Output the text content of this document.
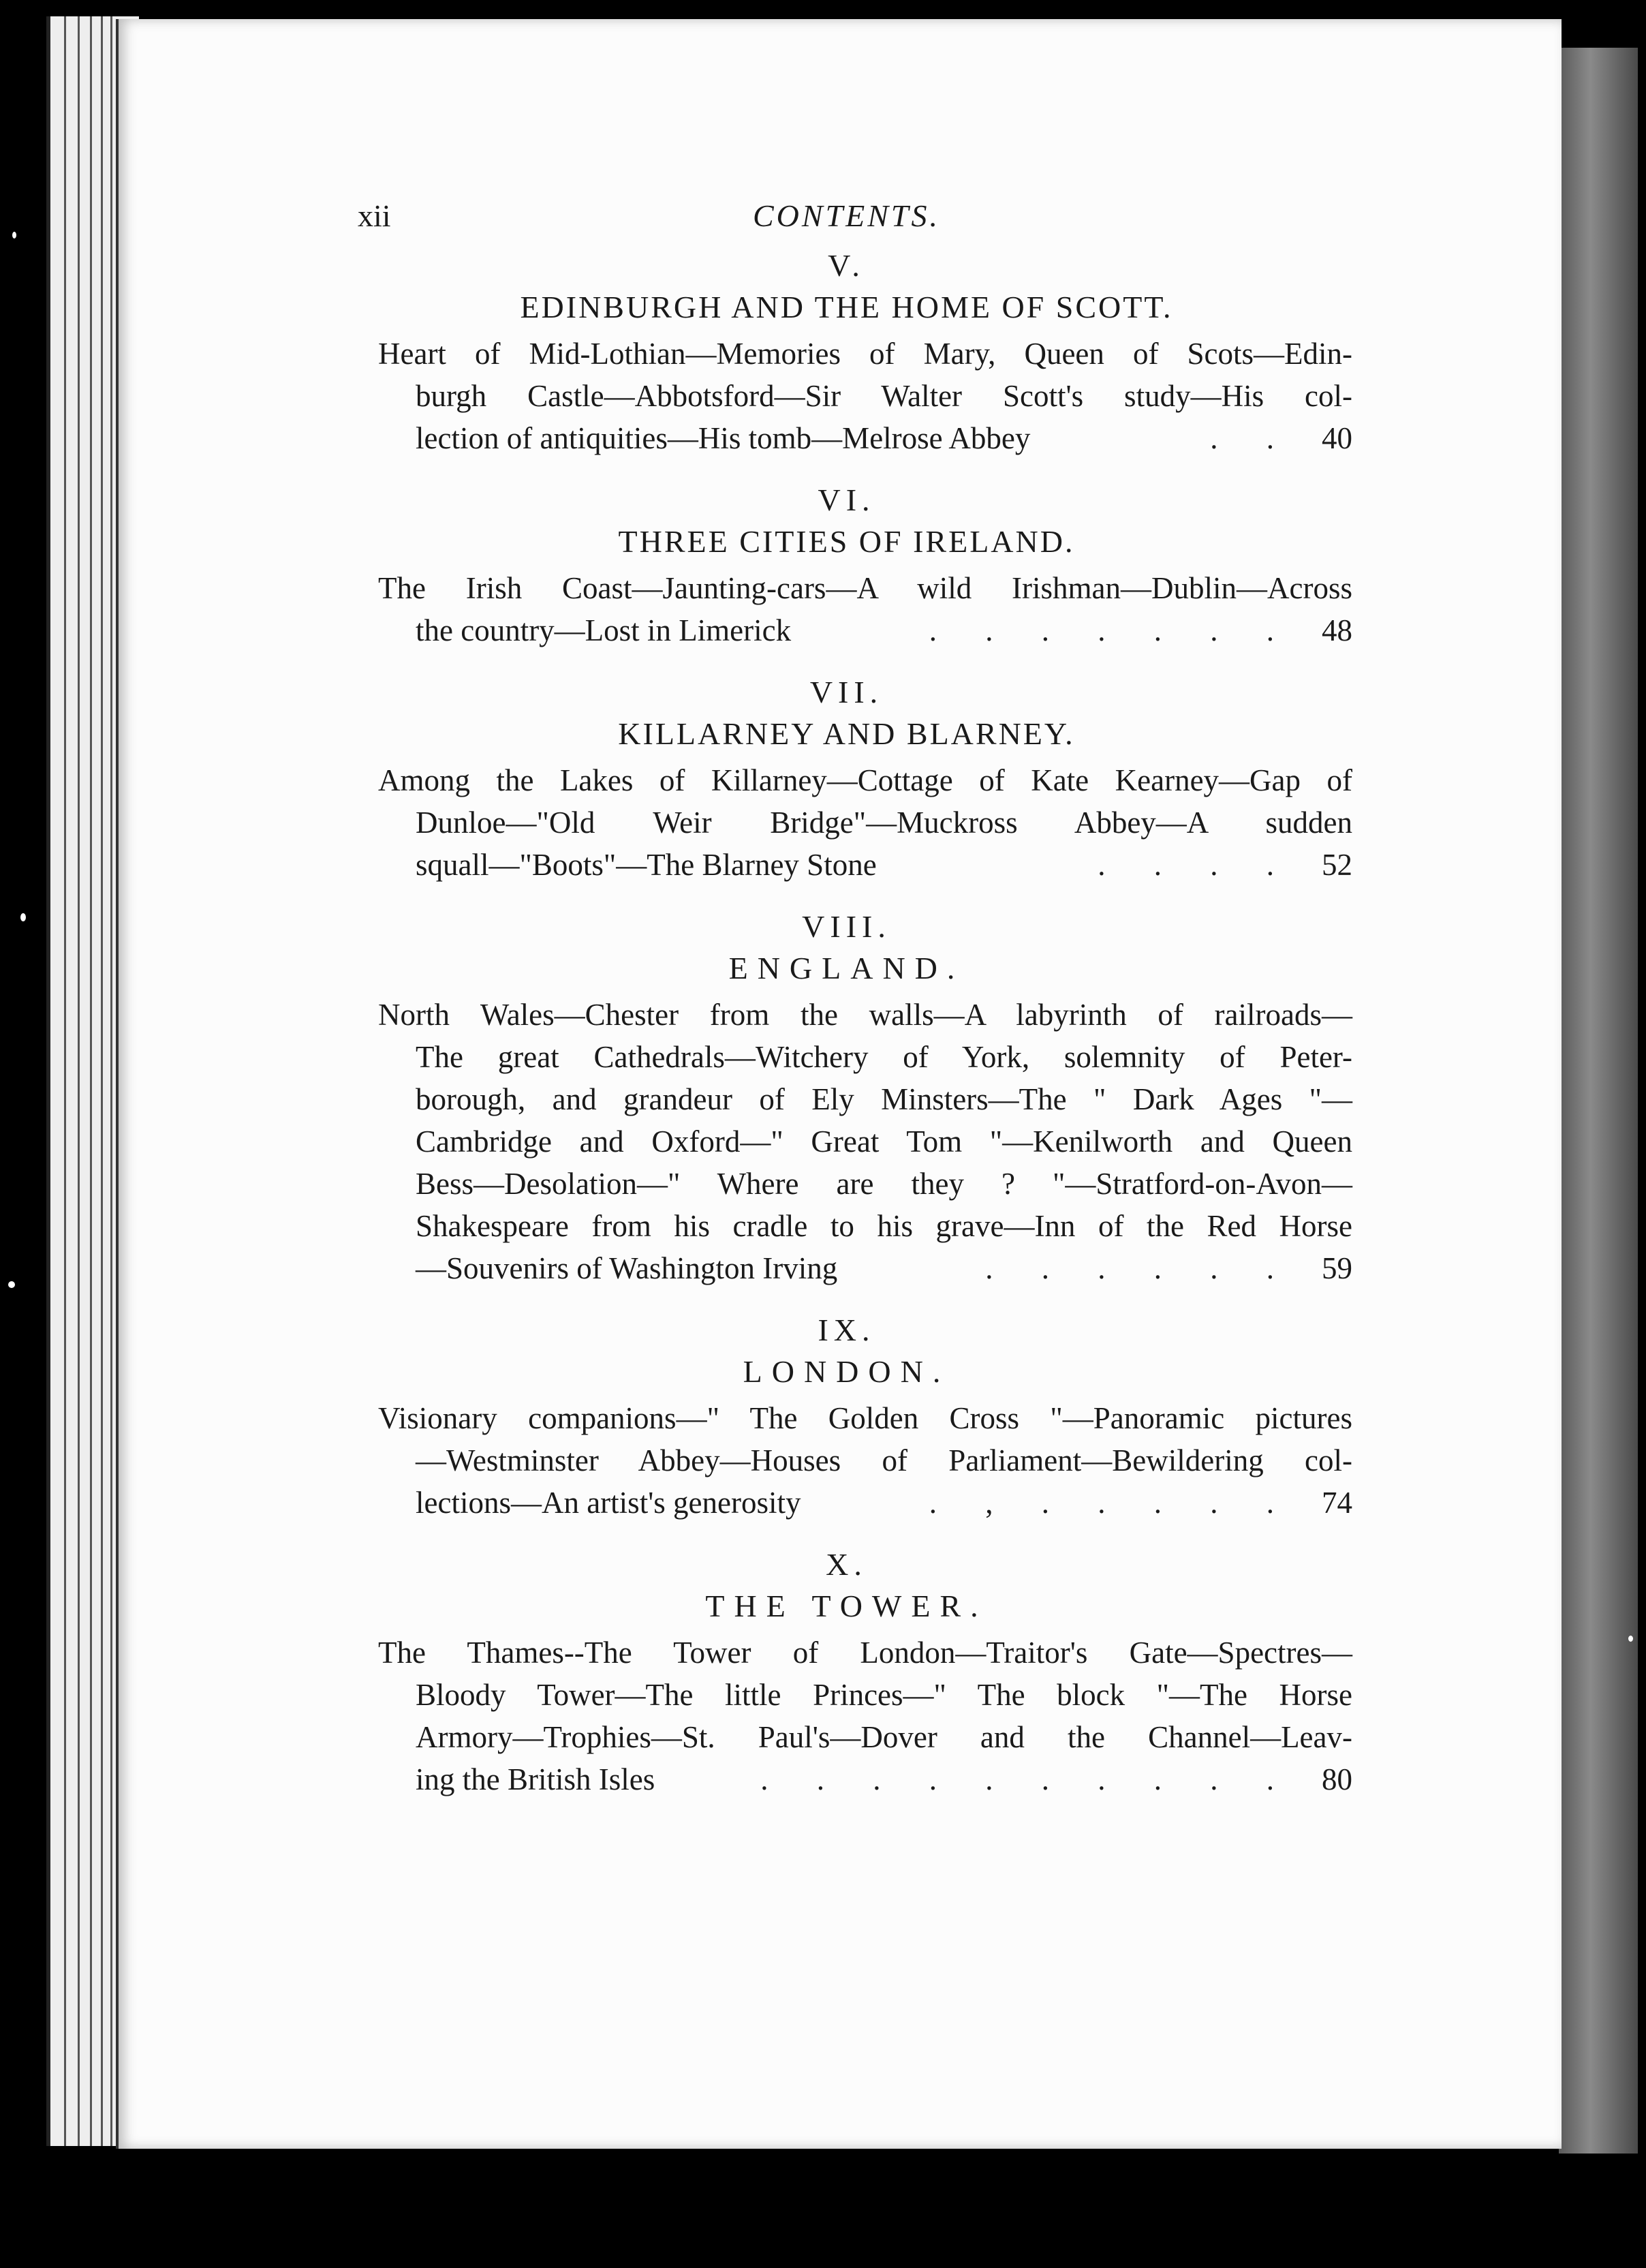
xii	CONTENTS.
V.
EDINBURGH AND THE HOME OF SCOTT.
Heart of Mid-Lothian—Memories of Mary, Queen of Scots—Edin-
burgh Castle—Abbotsford—Sir Walter Scott's study—His col-
lection of antiquities—His tomb—Melrose Abbey	. . 40
VI.
THREE CITIES OF IRELAND.
The Irish Coast—Jaunting-cars—A wild Irishman—Dublin—Across
the country—Lost in Limerick	. . . . . . . 48
VII.
KILLARNEY AND BLARNEY.
Among the Lakes of Killarney—Cottage of Kate Kearney—Gap of
Dunloe—"Old Weir Bridge"—Muckross Abbey—A sudden
squall—"Boots"—The Blarney Stone	. . . . 52
VIII.
ENGLAND.
North Wales—Chester from the walls—A labyrinth of railroads—
The great Cathedrals—Witchery of York, solemnity of Peter-
borough, and grandeur of Ely Minsters—The " Dark Ages "—
Cambridge and Oxford—" Great Tom "—Kenilworth and Queen
Bess—Desolation—" Where are they ? "—Stratford-on-Avon—
Shakespeare from his cradle to his grave—Inn of the Red Horse
—Souvenirs of Washington Irving	. . . . . . 59
IX.
LONDON.
Visionary companions—" The Golden Cross "—Panoramic pictures
—Westminster Abbey—Houses of Parliament—Bewildering col-
lections—An artist's generosity	. , . . . . . 74
X.
THE TOWER.
The Thames--The Tower of London—Traitor's Gate—Spectres—
Bloody Tower—The little Princes—" The block "—The Horse
Armory—Trophies—St. Paul's—Dover and the Channel—Leav-
ing the British Isles	. . . . . . . . . . 80
